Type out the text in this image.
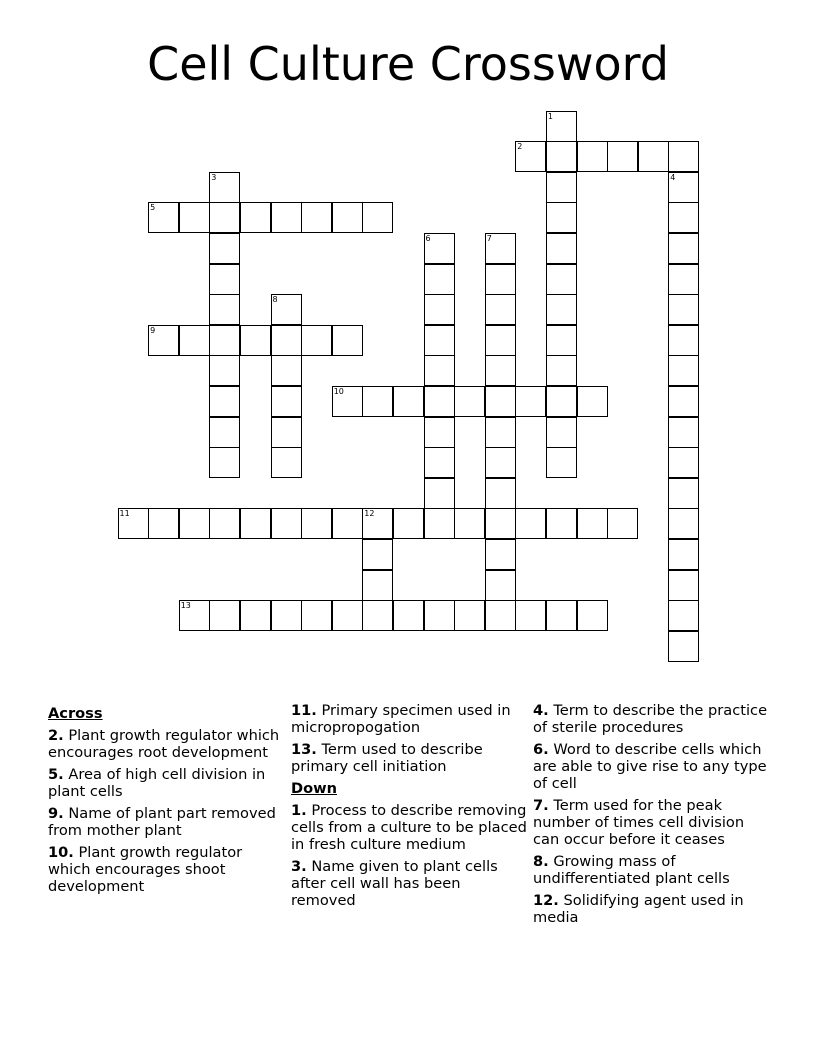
Cell Culture Crossword
1
2
3	4
5
6	7
8
9
10
11	12
13
Across
2. Plant growth regulator which encourages root development
5. Area of high cell division in plant cells
9. Name of plant part removed from mother plant
10. Plant growth regulator which encourages shoot development
11. Primary specimen used in micropropogation
13. Term used to describe primary cell initiation
Down
1. Process to describe removing cells from a culture to be placed in fresh culture medium
3. Name given to plant cells after cell wall has been removed
4. Term to describe the practice of sterile procedures
6. Word to describe cells which are able to give rise to any type of cell
7. Term used for the peak number of times cell division can occur before it ceases
8. Growing mass of undifferentiated plant cells
12. Solidifying agent used in media
